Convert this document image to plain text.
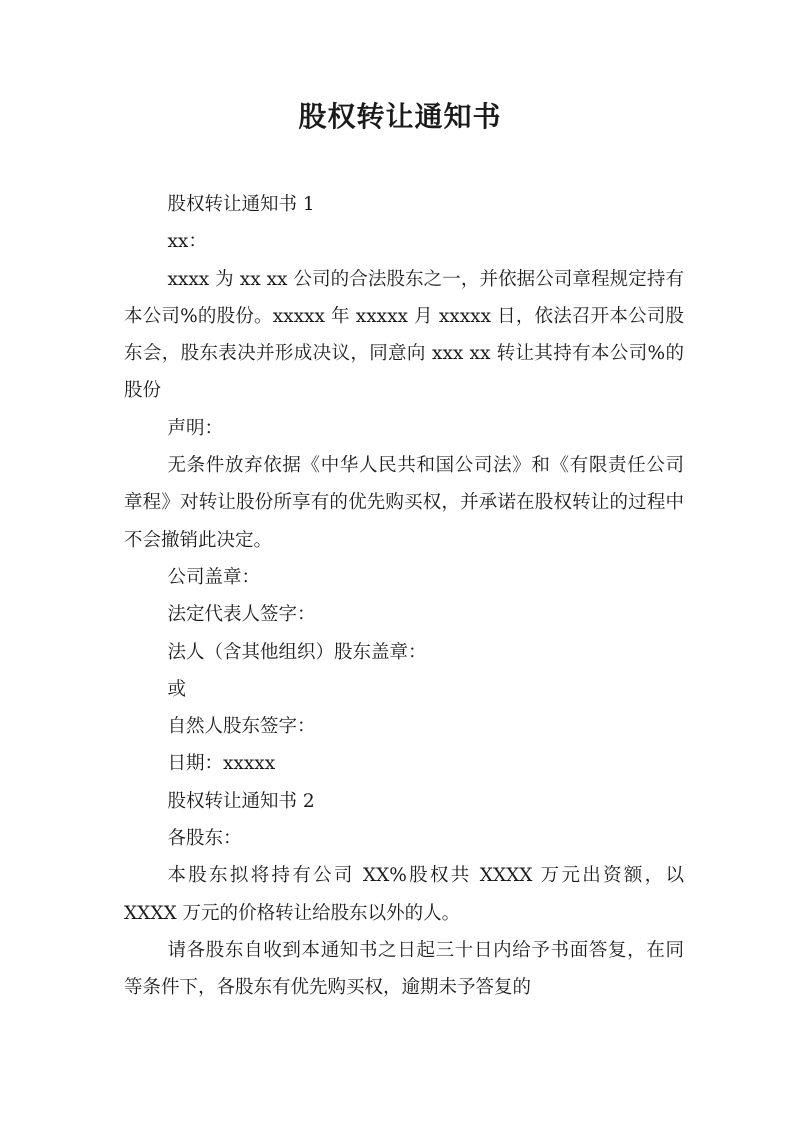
股权转让通知书

股权转让通知书 1

xx：

xxxx 为 xx xx 公司的合法股东之一，并依据公司章程规定持有本公司%的股份。xxxxx 年 xxxxx 月 xxxxx 日，依法召开本公司股东会，股东表决并形成决议，同意向 xxx xx 转让其持有本公司%的股份

声明：

无条件放弃依据《中华人民共和国公司法》和《有限责任公司章程》对转让股份所享有的优先购买权，并承诺在股权转让的过程中不会撤销此决定。

公司盖章：

法定代表人签字：

法人（含其他组织）股东盖章：

或

自然人股东签字：

日期：xxxxx

股权转让通知书 2

各股东：

本股东拟将持有公司 XX%股权共 XXXX 万元出资额，以 XXXX 万元的价格转让给股东以外的人。

请各股东自收到本通知书之日起三十日内给予书面答复，在同等条件下，各股东有优先购买权，逾期未予答复的
